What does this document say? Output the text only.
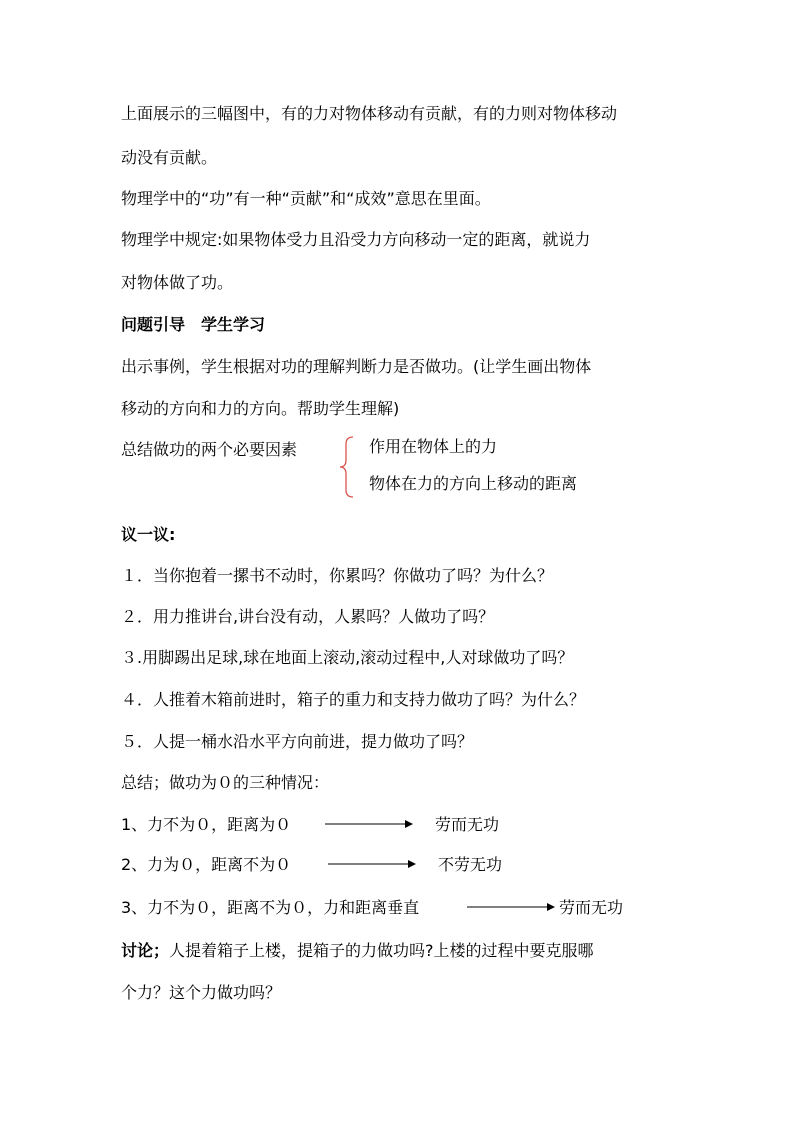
上面展示的三幅图中，有的力对物体移动有贡献，有的力则对物体移动

动没有贡献。

物理学中的“功”有一种“贡献”和“成效”意思在里面。

物理学中规定:如果物体受力且沿受力方向移动一定的距离，就说力

对物体做了功。

问题引导　学生学习

出示事例，学生根据对功的理解判断力是否做功。(让学生画出物体

移动的方向和力的方向。帮助学生理解)

总结做功的两个必要因素	作用在物体上的力

物体在力的方向上移动的距离

议一议:

１．当你抱着一摞书不动时，你累吗？你做功了吗？为什么？

２．用力推讲台,讲台没有动，人累吗？人做功了吗？

３.用脚踢出足球,球在地面上滚动,滚动过程中,人对球做功了吗？

４．人推着木箱前进时，箱子的重力和支持力做功了吗？为什么？

５．人提一桶水沿水平方向前进，提力做功了吗？

总结；做功为０的三种情况：

1、力不为０，距离为０	劳而无功

2、力为０，距离不为０	不劳无功

3、力不为０，距离不为０，力和距离垂直	劳而无功

讨论；人提着箱子上楼，提箱子的力做功吗?上楼的过程中要克服哪

个力？这个力做功吗？
